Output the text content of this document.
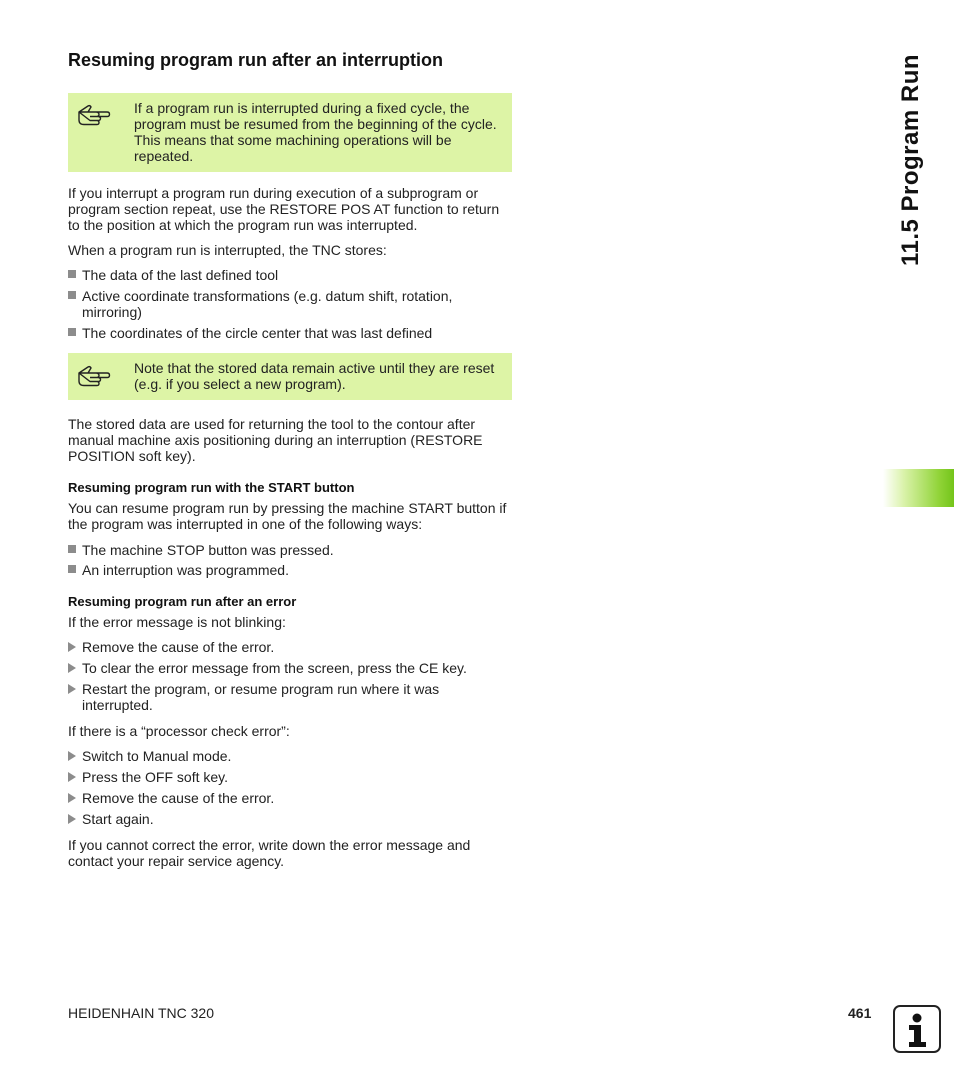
Resuming program run after an interruption
If a program run is interrupted during a fixed cycle, the program must be resumed from the beginning of the cycle. This means that some machining operations will be repeated.

If you interrupt a program run during execution of a subprogram or program section repeat, use the RESTORE POS AT function to return to the position at which the program run was interrupted.

When a program run is interrupted, the TNC stores:

The data of the last defined tool
Active coordinate transformations (e.g. datum shift, rotation, mirroring)
The coordinates of the circle center that was last defined
Note that the stored data remain active until they are reset (e.g. if you select a new program).

The stored data are used for returning the tool to the contour after manual machine axis positioning during an interruption (RESTORE POSITION soft key).

Resuming program run with the START button

You can resume program run by pressing the machine START button if the program was interrupted in one of the following ways:

The machine STOP button was pressed.
An interruption was programmed.
Resuming program run after an error

If the error message is not blinking:

Remove the cause of the error.
To clear the error message from the screen, press the CE key.
Restart the program, or resume program run where it was interrupted.

If there is a “processor check error”:

Switch to Manual mode.
Press the OFF soft key.
Remove the cause of the error.
Start again.

If you cannot correct the error, write down the error message and contact your repair service agency.

11.5 Program Run
HEIDENHAIN TNC 320	461
